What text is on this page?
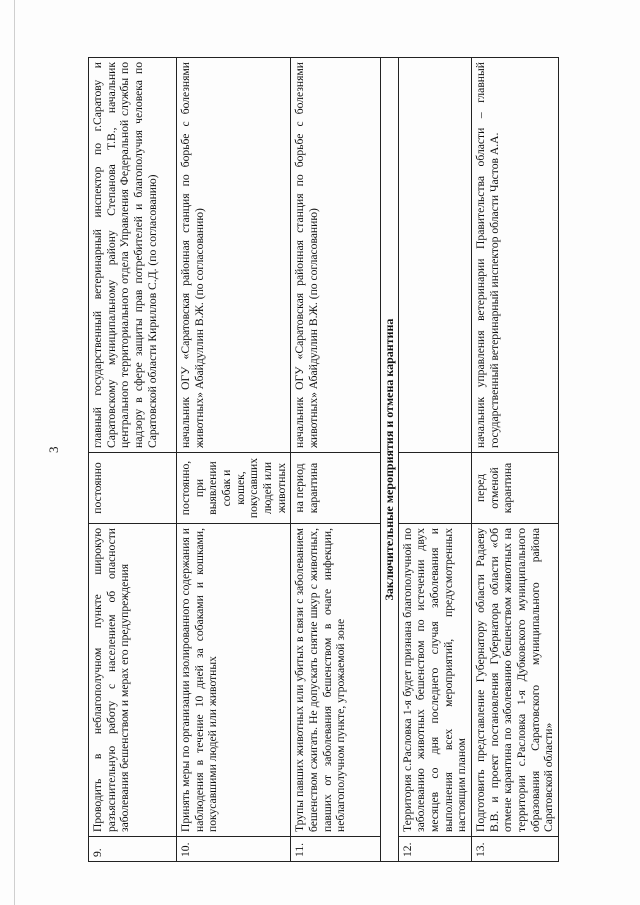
3
9.	Проводить в неблагополучном пункте широкую разъяснительную работу с населением об опасности заболевания бешенством и мерах его предупреждения	постоянно	главный государственный ветеринарный инспектор по г.Саратову и Саратовскому муниципальному району Степанова Т.В., начальник центрального территориального отдела Управления Федеральной службы по надзору в сфере защиты прав потребителей и благополучия человека по Саратовской области Кириллов С.Д. (по согласованию)
10.	Принять меры по организации изолированного содержания и наблюдения в течение 10 дней за собаками и кошками, покусавшими людей или животных	постоянно, при выявлении собак и кошек, покусавших людей или животных	начальник ОГУ «Саратовская районная станция по борьбе с болезнями животных» Абайдуллин В.Ж. (по согласованию)
11.	Трупы павших животных или убитых в связи с заболеванием бешенством сжигать. Не допускать снятие шкур с животных, павших от заболевания бешенством в очаге инфекции, неблагополучном пункте, угрожаемой зоне	на период карантина	начальник ОГУ «Саратовская районная станция по борьбе с болезнями животных» Абайдуллин В.Ж. (по согласованию)
Заключительные мероприятия и отмена карантина			
12.	Территория с.Расловка 1-я будет признана благополучной по заболеванию животных бешенством по истечении двух месяцев со дня последнего случая заболевания и выполнения всех мероприятий, предусмотренных настоящим планом		
13.	Подготовить представление Губернатору области Радаеву В.В. и проект постановления Губернатора области «Об отмене карантина по заболеванию бешенством животных на территории с.Расловка 1-я Дубковского муниципального образования Саратовского муниципального района Саратовской области»	перед отменой карантина	начальник управления ветеринарии Правительства области – главный государственный ветеринарный инспектор области Частов А.А.
